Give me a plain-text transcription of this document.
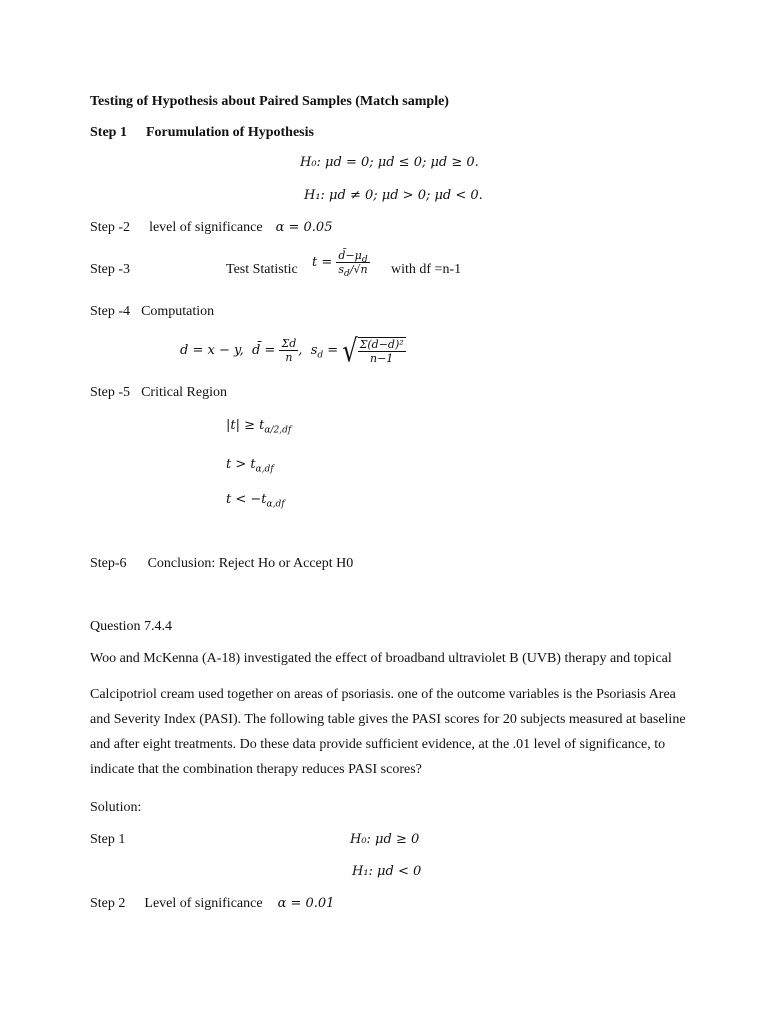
Testing of Hypothesis about Paired Samples (Match sample)
Step 1 Forumulation of Hypothesis
H₀: μd = 0; μd ≤ 0; μd ≥ 0.
H₁: μd ≠ 0; μd > 0; μd < 0.
Step -2 level of significance α = 0.05
Step -3	Test Statistic $t = \frac{d̄-\mu_d}{s_d/√n}$ with df =n-1
Step -4 Computation
d = x − y,  d̄ = $\frac{\Sigma d}{n}$ ,  $s_d$ = √ $\frac{\text{Σ(d−d̄)²}}{n-1}$
Step -5 Critical Region
$|t| \ge t_{\alpha/2,df}$
$t > t_{\alpha,df}$
$t < -t_{\alpha,df}$
Step-6 Conclusion: Reject Ho or Accept H0
Question 7.4.4
Woo and McKenna (A-18) investigated the effect of broadband ultraviolet B (UVB) therapy and topical
Calcipotriol cream used together on areas of psoriasis. one of the outcome variables is the Psoriasis Area and Severity Index (PASI). The following table gives the PASI scores for 20 subjects measured at baseline and after eight treatments. Do these data provide sufficient evidence, at the .01 level of significance, to indicate that the combination therapy reduces PASI scores?
Solution:
Step 1	H₀: μd ≥ 0
H₁: μd < 0
Step 2 Level of significance α = 0.01
